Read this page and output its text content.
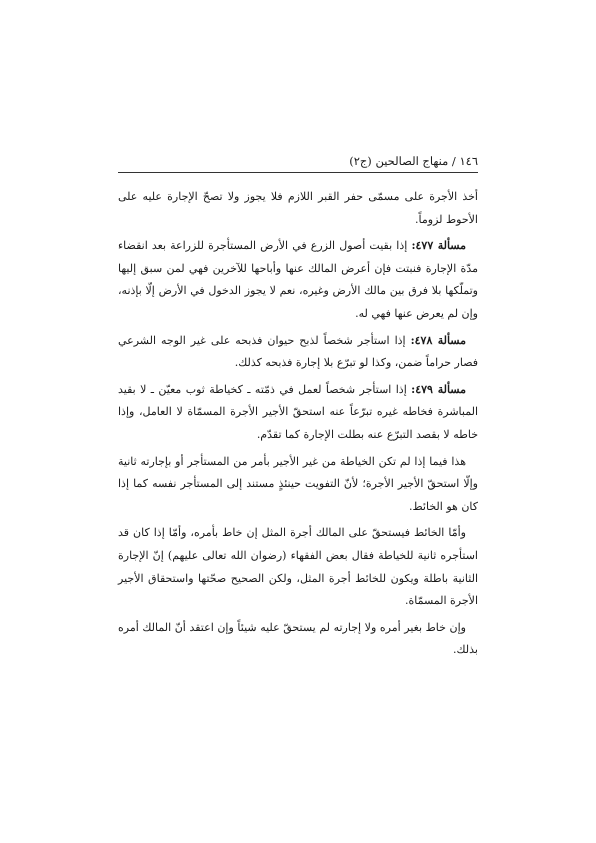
١٤٦ / منهاج الصالحين (ج٢)

أخذ الأجرة على مسمّى حفر القبر اللازم فلا يجوز ولا تصحّ الإجارة عليه على الأحوط لزوماً.

مسألة ٤٧٧: إذا بقيت أصول الزرع في الأرض المستأجرة للزراعة بعد انقضاء مدّة الإجارة فنبتت فإن أعرض المالك عنها وأباحها للآخرين فهي لمن سبق إليها وتملّكها بلا فرق بين مالك الأرض وغيره، نعم لا يجوز الدخول في الأرض إلّا بإذنه، وإن لم يعرض عنها فهي له.

مسألة ٤٧٨: إذا استأجر شخصاً لذبح حيوان فذبحه على غير الوجه الشرعي فصار حراماً ضمن، وكذا لو تبرّع بلا إجارة فذبحه كذلك.

مسألة ٤٧٩: إذا استأجر شخصاً لعمل في ذمّته ـ كخياطة ثوب معيّن ـ لا بقيد المباشرة فخاطه غيره تبرّعاً عنه استحقّ الأجير الأجرة المسمّاة لا العامل، وإذا خاطه لا بقصد التبرّع عنه بطلت الإجارة كما تقدّم.

هذا فيما إذا لم تكن الخياطة من غير الأجير بأمر من المستأجر أو بإجارته ثانية وإلّا استحقّ الأجير الأجرة؛ لأنّ التفويت حينئذٍ مستند إلى المستأجر نفسه كما إذا كان هو الخائط.

وأمّا الخائط فيستحقّ على المالك أجرة المثل إن خاط بأمره، وأمّا إذا كان قد استأجره ثانية للخياطة فقال بعض الفقهاء (رضوان الله تعالى عليهم) إنّ الإجارة الثانية باطلة ويكون للخائط أجرة المثل، ولكن الصحيح صحّتها واستحقاق الأجير الأجرة المسمّاة.

وإن خاط بغير أمره ولا إجارته لم يستحقّ عليه شيئاً وإن اعتقد أنّ المالك أمره بذلك.
